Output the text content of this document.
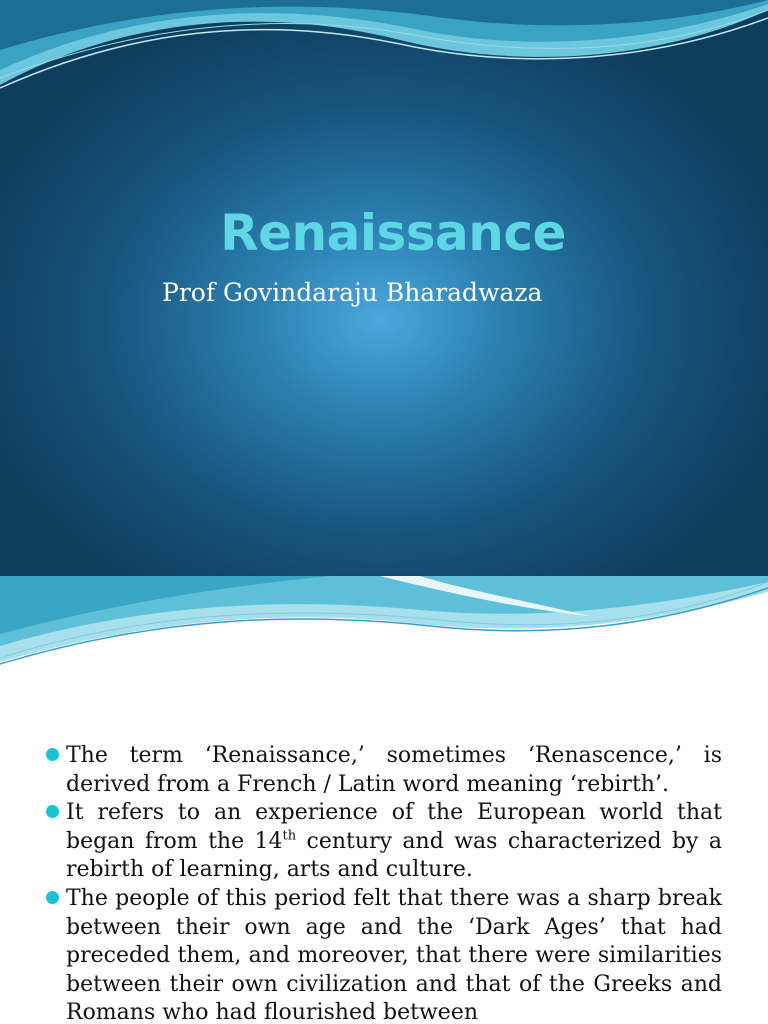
Renaissance
Prof Govindaraju Bharadwaza
The term ‘Renaissance,’ sometimes ‘Renascence,’ is derived from a French / Latin word meaning ‘rebirth’.
It refers to an experience of the European world that began from the 14th century and was characterized by a rebirth of learning, arts and culture.
The people of this period felt that there was a sharp break between their own age and the ‘Dark Ages’ that had preceded them, and moreover, that there were similarities between their own civilization and that of the Greeks and Romans who had flourished between
